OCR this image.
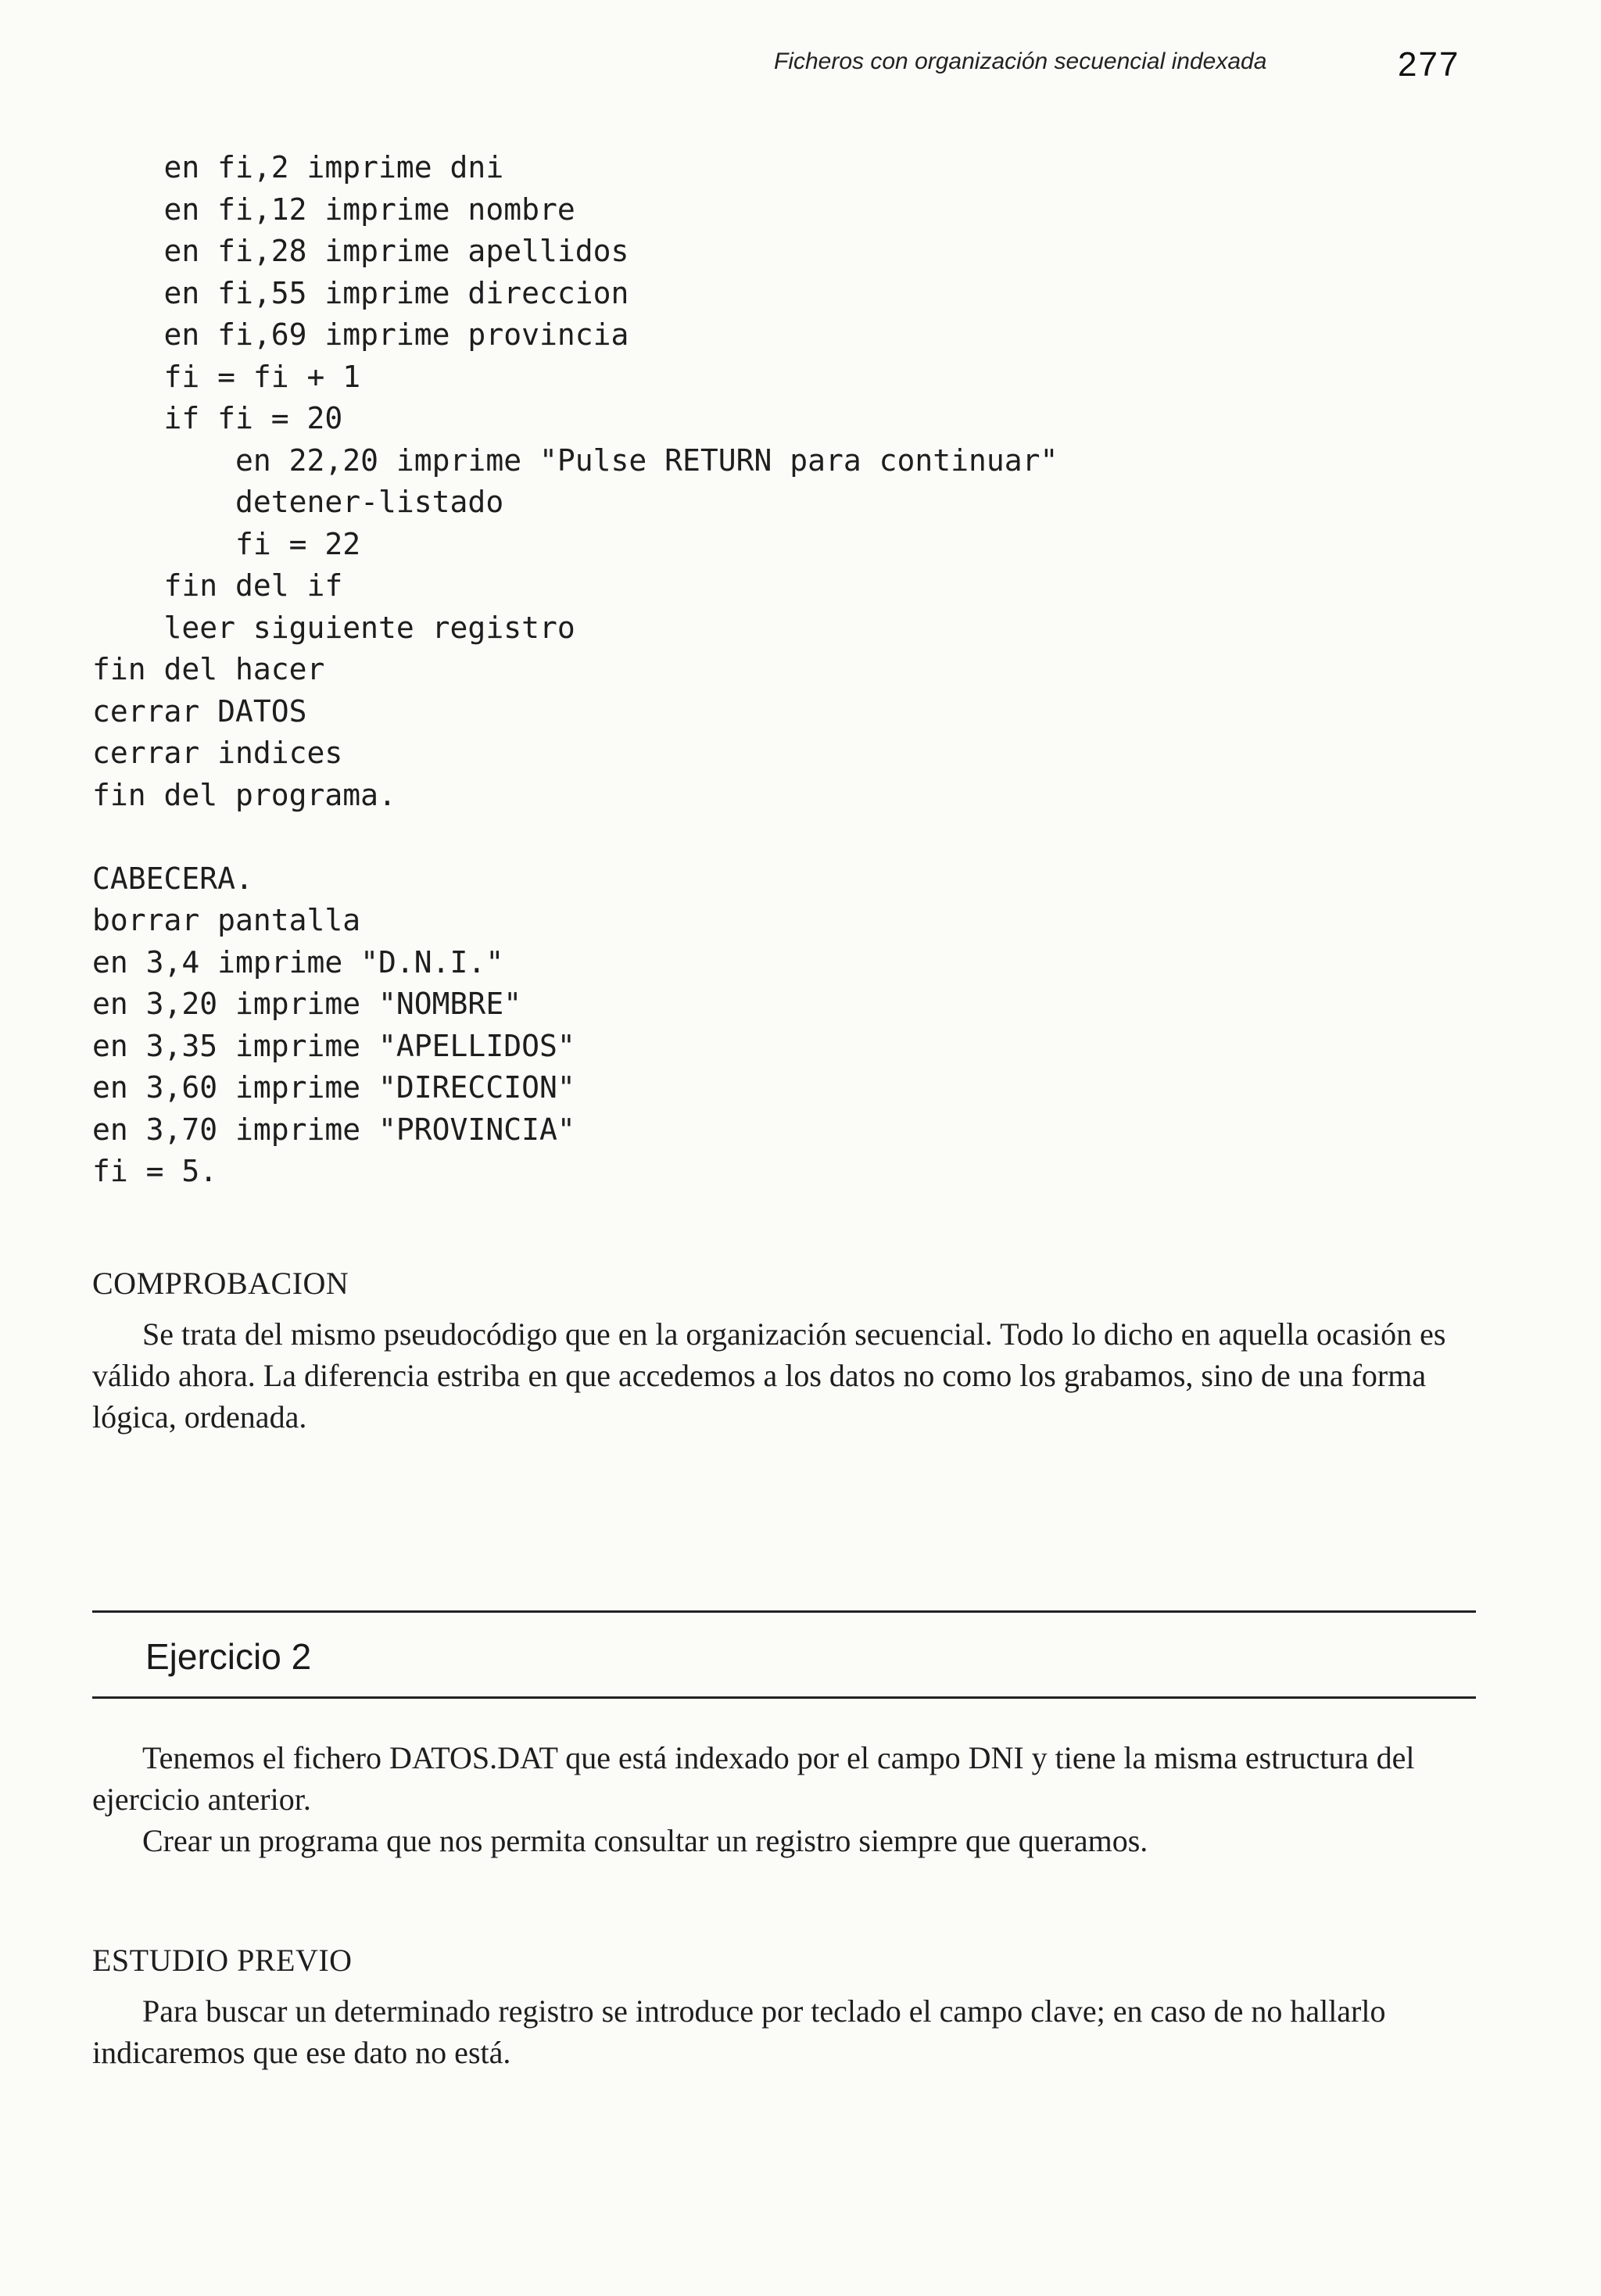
Ficheros con organización secuencial indexada	277
en fi,2 imprime dni
en fi,12 imprime nombre
en fi,28 imprime apellidos
en fi,55 imprime direccion
en fi,69 imprime provincia
fi = fi + 1
if fi = 20
en 22,20 imprime "Pulse RETURN para continuar"
detener-listado
fi = 22
fin del if
leer siguiente registro
fin del hacer
cerrar DATOS
cerrar indices
fin del programa.
CABECERA.
borrar pantalla
en 3,4 imprime "D.N.I."
en 3,20 imprime "NOMBRE"
en 3,35 imprime "APELLIDOS"
en 3,60 imprime "DIRECCION"
en 3,70 imprime "PROVINCIA"
fi = 5.
COMPROBACION

Se trata del mismo pseudocódigo que en la organización secuencial. Todo lo dicho en aquella ocasión es válido ahora. La diferencia estriba en que accedemos a los datos no como los grabamos, sino de una forma lógica, ordenada.

Ejercicio 2

Tenemos el fichero DATOS.DAT que está indexado por el campo DNI y tiene la misma estructura del ejercicio anterior.

Crear un programa que nos permita consultar un registro siempre que queramos.

ESTUDIO PREVIO

Para buscar un determinado registro se introduce por teclado el campo clave; en caso de no hallarlo indicaremos que ese dato no está.
